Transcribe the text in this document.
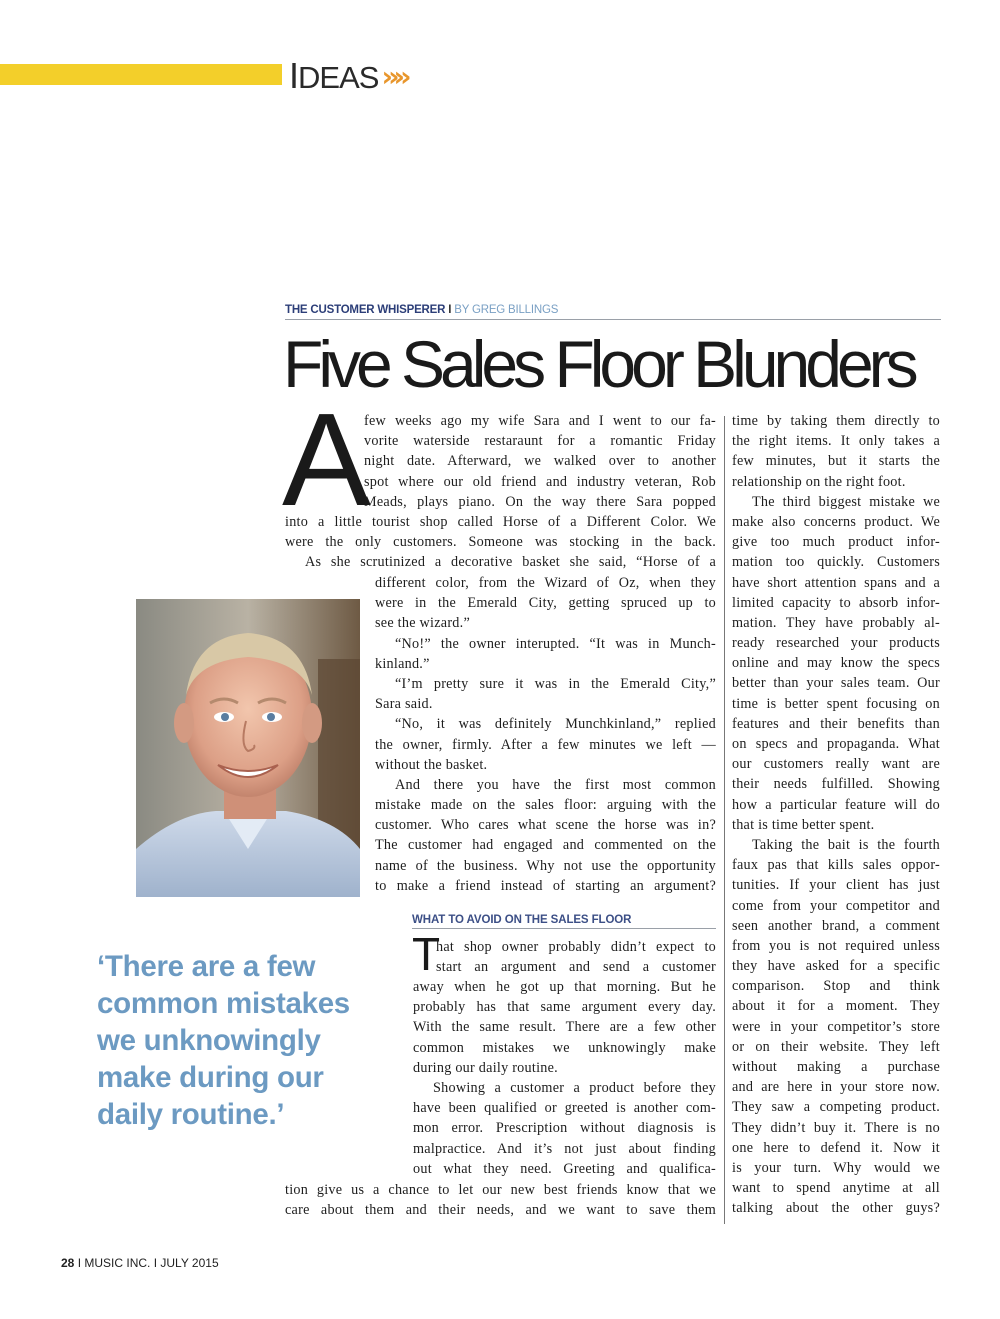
IDEAS »»
THE CUSTOMER WHISPERER I BY GREG BILLINGS
Five Sales Floor Blunders
A
T
few weeks ago my wife Sara and I went to our fa-
vorite waterside restaraunt for a romantic Friday
night date. Afterward, we walked over to another
spot where our old friend and industry veteran, Rob
Meads, plays piano. On the way there Sara popped
into a little tourist shop called Horse of a Different Color. We
were the only customers. Someone was stocking in the back.
As she scrutinized a decorative basket she said, “Horse of a
different color, from the Wizard of Oz, when they
were in the Emerald City, getting spruced up to
see the wizard.”
“No!” the owner interupted. “It was in Munch-
kinland.”
“I’m pretty sure it was in the Emerald City,”
Sara said.
“No, it was definitely Munchkinland,” replied
the owner, firmly. After a few minutes we left —
without the basket.
And there you have the first most common
mistake made on the sales floor: arguing with the
customer. Who cares what scene the horse was in?
The customer had engaged and commented on the
name of the business. Why not use the opportunity
to make a friend instead of starting an argument?
WHAT TO AVOID ON THE SALES FLOOR
hat shop owner probably didn’t expect to
start an argument and send a customer
away when he got up that morning. But he
probably has that same argument every day.
With the same result. There are a few other
common mistakes we unknowingly make
during our daily routine.
Showing a customer a product before they
have been qualified or greeted is another com-
mon error. Prescription without diagnosis is
malpractice. And it’s not just about finding
out what they need. Greeting and qualifica-
tion give us a chance to let our new best friends know that we
care about them and their needs, and we want to save them
time by taking them directly to
the right items. It only takes a
few minutes, but it starts the
relationship on the right foot.
The third biggest mistake we
make also concerns product. We
give too much product infor-
mation too quickly. Customers
have short attention spans and a
limited capacity to absorb infor-
mation. They have probably al-
ready researched your products
online and may know the specs
better than your sales team. Our
time is better spent focusing on
features and their benefits than
on specs and propaganda. What
our customers really want are
their needs fulfilled. Showing
how a particular feature will do
that is time better spent.
Taking the bait is the fourth
faux pas that kills sales oppor-
tunities. If your client has just
come from your competitor and
seen another brand, a comment
from you is not required unless
they have asked for a specific
comparison. Stop and think
about it for a moment. They
were in your competitor’s store
or on their website. They left
without making a purchase
and are here in your store now.
They saw a competing product.
They didn’t buy it. There is no
one here to defend it. Now it
is your turn. Why would we
want to spend anytime at all
talking about the other guys?
‘There are a few
common mistakes
we unknowingly
make during our
daily routine.’
28 I MUSIC INC. I JULY 2015
